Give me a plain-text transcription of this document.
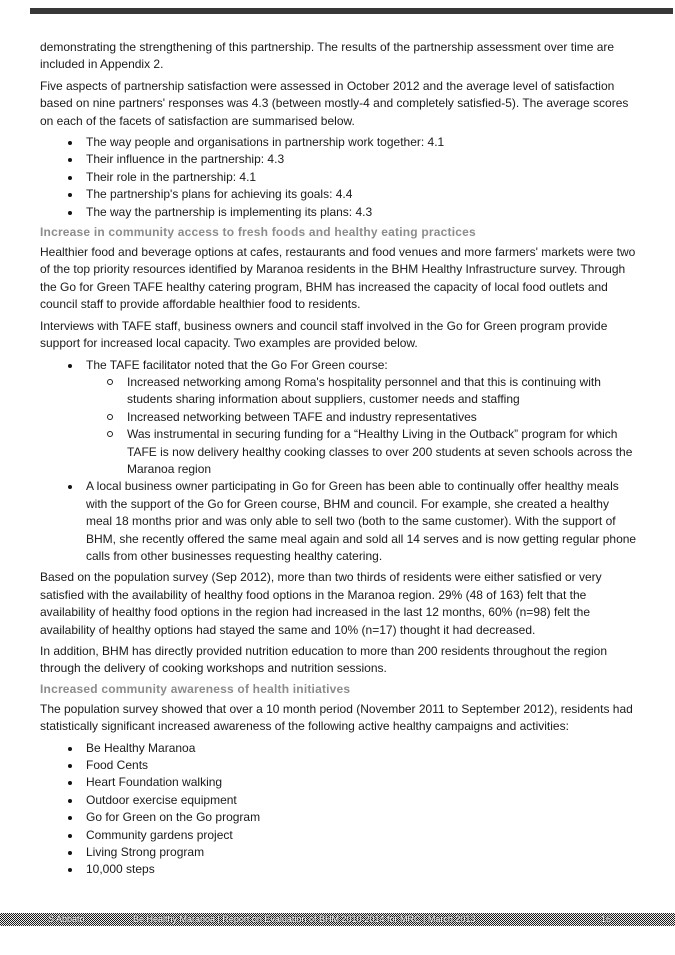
demonstrating the strengthening of this partnership. The results of the partnership assessment over time are included in Appendix 2.

Five aspects of partnership satisfaction were assessed in October 2012 and the average level of satisfaction based on nine partners' responses was 4.3 (between mostly-4 and completely satisfied-5). The average scores on each of the facets of satisfaction are summarised below.

The way people and organisations in partnership work together: 4.1
Their influence in the partnership: 4.3
Their role in the partnership: 4.1
The partnership's plans for achieving its goals: 4.4
The way the partnership is implementing its plans: 4.3
Increase in community access to fresh foods and healthy eating practices

Healthier food and beverage options at cafes, restaurants and food venues and more farmers' markets were two of the top priority resources identified by Maranoa residents in the BHM Healthy Infrastructure survey. Through the Go for Green TAFE healthy catering program, BHM has increased the capacity of local food outlets and council staff to provide affordable healthier food to residents.

Interviews with TAFE staff, business owners and council staff involved in the Go for Green program provide support for increased local capacity. Two examples are provided below.

The TAFE facilitator noted that the Go For Green course:
Increased networking among Roma's hospitality personnel and that this is continuing with students sharing information about suppliers, customer needs and staffing
Increased networking between TAFE and industry representatives
Was instrumental in securing funding for a “Healthy Living in the Outback” program for which TAFE is now delivery healthy cooking classes to over 200 students at seven schools across the Maranoa region
A local business owner participating in Go for Green has been able to continually offer healthy meals with the support of the Go for Green course, BHM and council. For example, she created a healthy meal 18 months prior and was only able to sell two (both to the same customer). With the support of BHM, she recently offered the same meal again and sold all 14 serves and is now getting regular phone calls from other businesses requesting healthy catering.

Based on the population survey (Sep 2012), more than two thirds of residents were either satisfied or very satisfied with the availability of healthy food options in the Maranoa region. 29% (48 of 163) felt that the availability of healthy food options in the region had increased in the last 12 months, 60% (n=98) felt the availability of healthy options had stayed the same and 10% (n=17) thought it had decreased.

In addition, BHM has directly provided nutrition education to more than 200 residents throughout the region through the delivery of cooking workshops and nutrition sessions.

Increased community awareness of health initiatives

The population survey showed that over a 10 month period (November 2011 to September 2012), residents had statistically significant increased awareness of the following active healthy campaigns and activities:

Be Healthy Maranoa
Food Cents
Heart Foundation walking
Outdoor exercise equipment
Go for Green on the Go program
Community gardens project
Living Strong program
10,000 steps
S Abbato	Be Healthy Maranoa | Report on Evaluation of BHM 2010-2014 for MRC | March 2013	16
